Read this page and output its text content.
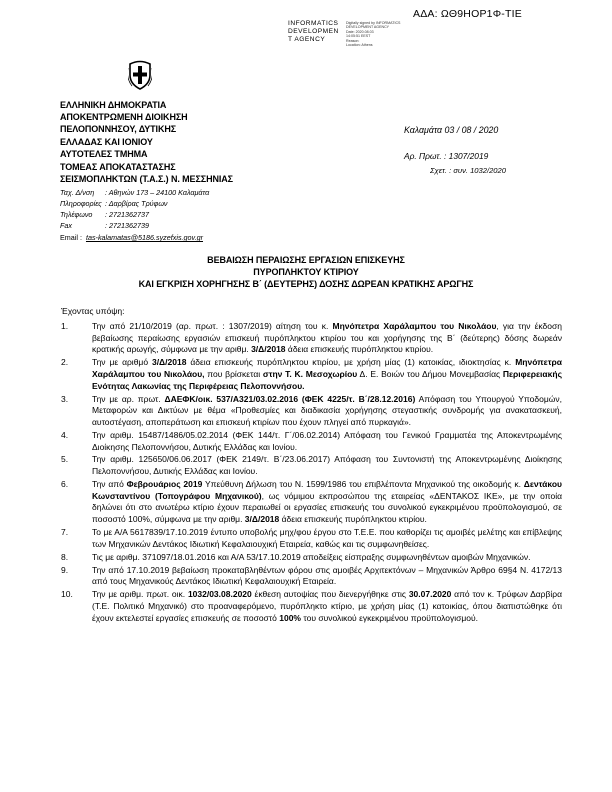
ΑΔΑ: ΩΘ9ΗΟΡ1Φ-ΤΙΕ
INFORMATICS
DEVELOPMEN
T AGENCY
Digitally signed by INFORMATICS DEVELOPMENT AGENCY
Date: 2020.08.03
14:05:51 EEST
Reason:
Location: Athens
ΕΛΛΗΝΙΚΗ ΔΗΜΟΚΡΑΤΙΑ
ΑΠΟΚΕΝΤΡΩΜΕΝΗ ΔΙΟΙΚΗΣΗ
ΠΕΛΟΠΟΝΝΗΣΟΥ, ΔΥΤΙΚΗΣ
ΕΛΛΑΔΑΣ ΚΑΙ ΙΟΝΙΟΥ
ΑΥΤΟΤΕΛΕΣ ΤΜΗΜΑ
ΤΟΜΕΑΣ ΑΠΟΚΑΤΑΣΤΑΣΗΣ
ΣΕΙΣΜΟΠΛΗΚΤΩΝ (Τ.Α.Σ.) Ν. ΜΕΣΣΗΝΙΑΣ
Καλαμάτα 03 / 08 / 2020
Αρ. Πρωτ. : 1307/2019
Σχετ. : συν. 1032/2020
Ταχ. Δ/νση : Αθηνών 173 – 24100 Καλαμάτα
Πληροφορίες : Δαρβίρας Τρύφων
Τηλέφωνο : 2721362737
Fax	: 2721362739
Email : tas-kalamatas@5186.syzefxis.gov.gr
ΒΕΒΑΙΩΣΗ ΠΕΡΑΙΩΣΗΣ ΕΡΓΑΣΙΩΝ ΕΠΙΣΚΕΥΗΣ
ΠΥΡΟΠΛΗΚΤΟΥ ΚΤΙΡΙΟΥ
ΚΑΙ ΕΓΚΡΙΣΗ ΧΟΡΗΓΗΣΗΣ Β΄ (ΔΕΥΤΕΡΗΣ) ΔΟΣΗΣ ΔΩΡΕΑΝ ΚΡΑΤΙΚΗΣ ΑΡΩΓΗΣ
Έχοντας υπόψη:
1.	Την από 21/10/2019 (αρ. πρωτ. : 1307/2019) αίτηση του κ. Μηνόπετρα Χαράλαμπου του Νικολάου, για την έκδοση βεβαίωσης περαίωσης εργασιών επισκευή πυρόπληκτου κτιρίου του και χορήγησης της Β΄ (δεύτερης) δόσης δωρεάν κρατικής αρωγής, σύμφωνα με την αριθμ. 3/Δ/2018 άδεια επισκευής πυρόπληκτου κτιρίου.
2.	Την με αριθμό 3/Δ/2018 άδεια επισκευής πυρόπληκτου κτιρίου, με χρήση μίας (1) κατοικίας, ιδιοκτησίας κ. Μηνόπετρα Χαράλαμπου του Νικολάου, που βρίσκεται στην Τ. Κ. Μεσοχωρίου Δ. Ε. Βοιών του Δήμου Μονεμβασίας Περιφερειακής Ενότητας Λακωνίας της Περιφέρειας Πελοποννήσου.
3.	Την με αρ. πρωτ. ΔΑΕΦΚ/οικ. 537/Α321/03.02.2016 (ΦΕΚ 4225/τ. Β΄/28.12.2016) Απόφαση του Υπουργού Υποδομών, Μεταφορών και Δικτύων με θέμα «Προθεσμίες και διαδικασία χορήγησης στεγαστικής συνδρομής για ανακατασκευή, αυτοστέγαση, αποπεράτωση και επισκευή κτιρίων που έχουν πληγεί από πυρκαγιά».
4.	Την αριθμ. 15487/1486/05.02.2014 (ΦΕΚ 144/τ. Γ΄/06.02.2014) Απόφαση του Γενικού Γραμματέα της Αποκεντρωμένης Διοίκησης Πελοποννήσου, Δυτικής Ελλάδας και Ιονίου.
5.	Την αριθμ. 125650/06.06.2017 (ΦΕΚ 2149/τ. Β΄/23.06.2017) Απόφαση του Συντονιστή της Αποκεντρωμένης Διοίκησης Πελοποννήσου, Δυτικής Ελλάδας και Ιονίου.
6.	Την από Φεβρουάριος 2019 Υπεύθυνη Δήλωση του Ν. 1599/1986 του επιβλέποντα Μηχανικού της οικοδομής κ. Δεντάκου Κωνσταντίνου (Τοπογράφου Μηχανικού), ως νόμιμου εκπροσώπου της εταιρείας «ΔΕΝΤΑΚΟΣ ΙΚΕ», με την οποία δηλώνει ότι στο ανωτέρω κτίριο έχουν περαιωθεί οι εργασίες επισκευής του συνολικού εγκεκριμένου προϋπολογισμού, σε ποσοστό 100%, σύμφωνα με την αριθμ. 3/Δ/2018 άδεια επισκευής πυρόπληκτου κτιρίου.
7.	Το με Α/Α 5617839/17.10.2019 έντυπο υποβολής μηχ/φου έργου στο Τ.Ε.Ε. που καθορίζει τις αμοιβές μελέτης και επίβλεψης των Μηχανικών Δεντάκος Ιδιωτική Κεφαλαιουχική Εταιρεία, καθώς και τις συμφωνηθείσες.
8.	Τις με αριθμ. 371097/18.01.2016 και Α/Α 53/17.10.2019 αποδείξεις είσπραξης συμφωνηθέντων αμοιβών Μηχανικών.
9.	Την από 17.10.2019 βεβαίωση προκαταβληθέντων φόρου στις αμοιβές Αρχιτεκτόνων – Μηχανικών Άρθρο 69§4 Ν. 4172/13 από τους Μηχανικούς Δεντάκος Ιδιωτική Κεφαλαιουχική Εταιρεία.
10. Την με αριθμ. πρωτ. οικ. 1032/03.08.2020 έκθεση αυτοψίας που διενεργήθηκε στις 30.07.2020 από τον κ. Τρύφων Δαρβίρα (Τ.Ε. Πολιτικό Μηχανικό) στο προαναφερόμενο, πυρόπληκτο κτίριο, με χρήση μίας (1) κατοικίας, όπου διαπιστώθηκε ότι έχουν εκτελεστεί εργασίες επισκευής σε ποσοστό 100% του συνολικού εγκεκριμένου προϋπολογισμού.
